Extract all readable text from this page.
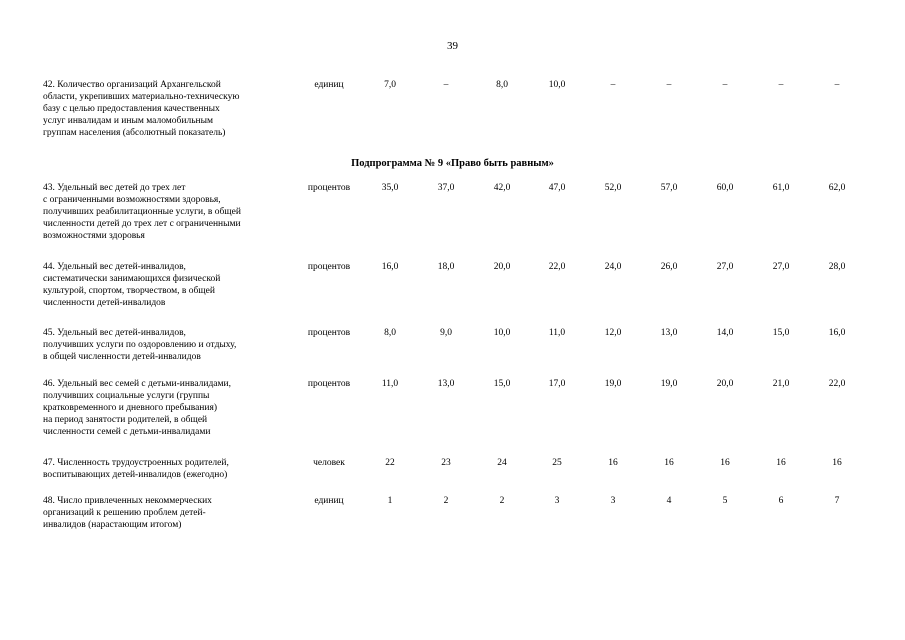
39
Подпрограмма № 9 «Право быть равным»
42. Количество организаций Архангельской
области, укрепивших материально-техническую
базу с целью предоставления качественных
услуг инвалидам и иным маломобильным
группам населения (абсолютный показатель)
единиц	7,0	–	8,0	10,0	–	–	–	–	–
43. Удельный вес детей до трех лет
с ограниченными возможностями здоровья,
получивших реабилитационные услуги, в общей
численности детей до трех лет с ограниченными
возможностями здоровья
процентов	35,0	37,0	42,0	47,0	52,0	57,0	60,0	61,0	62,0
44. Удельный вес детей-инвалидов,
систематически занимающихся физической
культурой, спортом, творчеством, в общей
численности детей-инвалидов
процентов	16,0	18,0	20,0	22,0	24,0	26,0	27,0	27,0	28,0
45. Удельный вес детей-инвалидов,
получивших услуги по оздоровлению и отдыху,
в общей численности детей-инвалидов
процентов	8,0	9,0	10,0	11,0	12,0	13,0	14,0	15,0	16,0
46. Удельный вес семей с детьми-инвалидами,
получивших социальные услуги (группы
кратковременного и дневного пребывания)
на период занятости родителей, в общей
численности семей с детьми-инвалидами
процентов	11,0	13,0	15,0	17,0	19,0	19,0	20,0	21,0	22,0
47. Численность трудоустроенных родителей,
воспитывающих детей-инвалидов (ежегодно)
человек	22	23	24	25	16	16	16	16	16
48. Число привлеченных некоммерческих
организаций к решению проблем детей-
инвалидов (нарастающим итогом)
единиц	1	2	2	3	3	4	5	6	7
